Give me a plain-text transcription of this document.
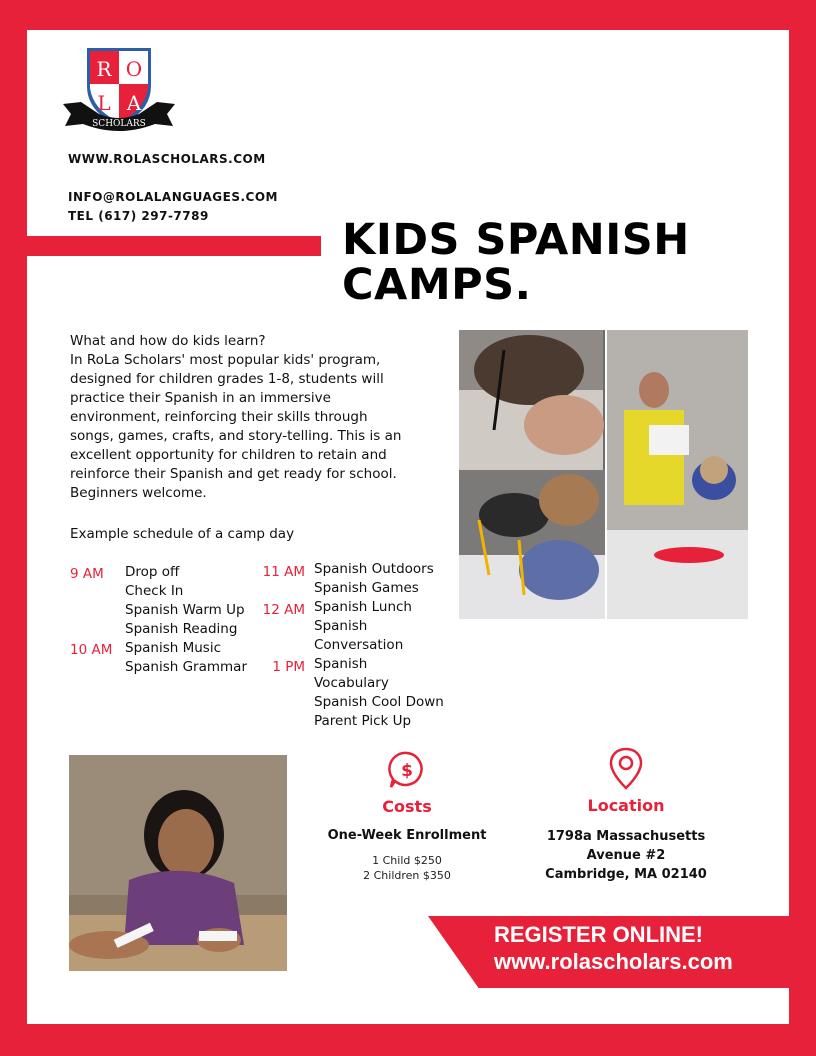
R O
L A
SCHOLARS
WWW.ROLASCHOLARS.COM
INFO@ROLALANGUAGES.COM
TEL (617) 297-7789	KIDS SPANISH
CAMPS.
What and how do kids learn?
In RoLa Scholars' most popular kids' program,
designed for children grades 1-8, students will
practice their Spanish in an immersive
environment, reinforcing their skills through
songs, games, crafts, and story-telling. This is an
excellent opportunity for children to retain and
reinforce their Spanish and get ready for school.
Beginners welcome.
Example schedule of a camp day
9 AM Drop off
Check In
Spanish Warm Up
Spanish Reading
10 AM Spanish Music
Spanish Grammar
11 AM Spanish Outdoors
Spanish Games
12 AM Spanish Lunch
Spanish
Conversation
1 PM Spanish
Vocabulary
Spanish Cool Down
Parent Pick Up
$
Costs
One-Week Enrollment
1 Child $250
2 Children $350
Location
1798a Massachusetts
Avenue #2
Cambridge, MA 02140
REGISTER ONLINE!
www.rolascholars.com
